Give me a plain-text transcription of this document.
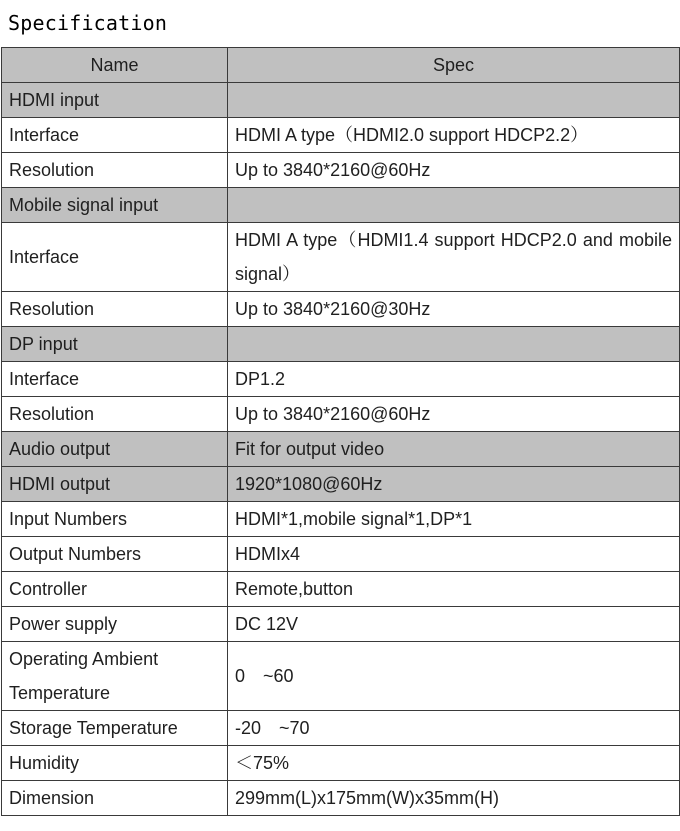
Specification
Name	Spec
HDMI input	
Interface	HDMI A type（HDMI2.0 support HDCP2.2）
Resolution	Up to 3840*2160@60Hz
Mobile signal input	
Interface	HDMI A type（HDMI1.4 support HDCP2.0 and mobile signal）
Resolution	Up to 3840*2160@30Hz
DP input	
Interface	DP1.2
Resolution	Up to 3840*2160@60Hz
Audio output	Fit for output video
HDMI output	1920*1080@60Hz
Input Numbers	HDMI*1,mobile signal*1,DP*1
Output Numbers	HDMIx4
Controller	Remote,button
Power supply	DC 12V
Operating Ambient Temperature	0　~60
Storage Temperature	-20　~70
Humidity	＜75%
Dimension	299mm(L)x175mm(W)x35mm(H)
